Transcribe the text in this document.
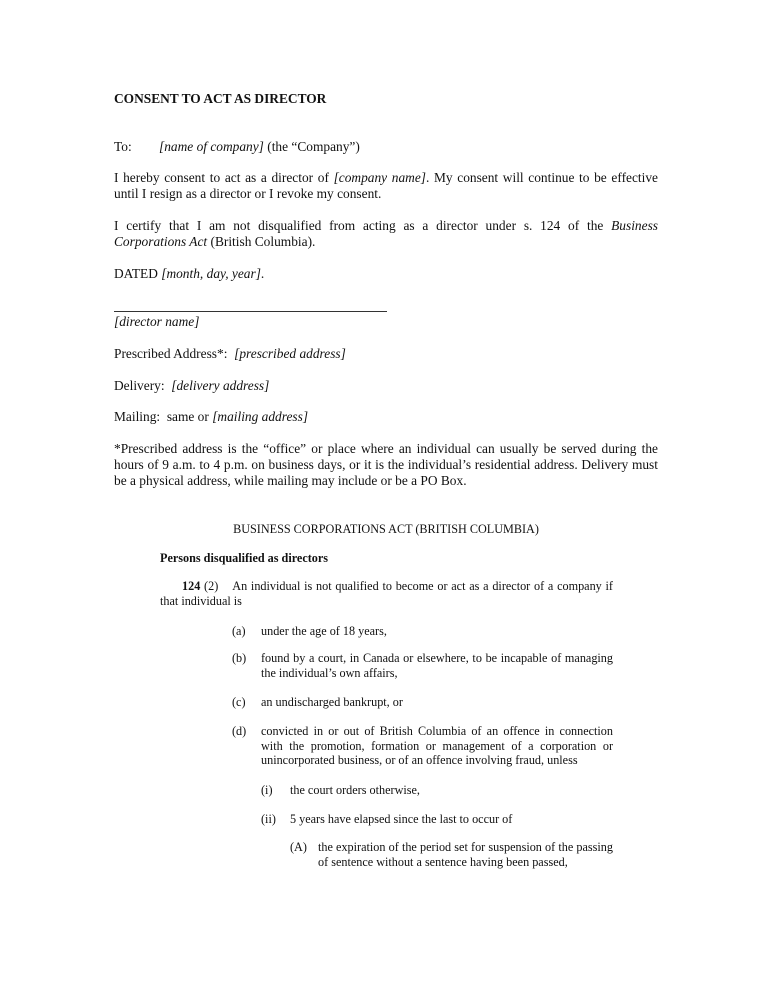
CONSENT TO ACT AS DIRECTOR
To: [name of company] (the “Company”)
I hereby consent to act as a director of [company name]. My consent will continue to be effective until I resign as a director or I revoke my consent.
I certify that I am not disqualified from acting as a director under s. 124 of the Business Corporations Act (British Columbia).
DATED [month, day, year].
[director name]
Prescribed Address*:  [prescribed address]
Delivery:  [delivery address]
Mailing:  same or [mailing address]
*Prescribed address is the “office” or place where an individual can usually be served during the hours of 9 a.m. to 4 p.m. on business days, or it is the individual’s residential address. Delivery must be a physical address, while mailing may include or be a PO Box.
BUSINESS CORPORATIONS ACT (BRITISH COLUMBIA)
Persons disqualified as directors
124 (2) An individual is not qualified to become or act as a director of a company if that individual is
(a) under the age of 18 years,
(b) found by a court, in Canada or elsewhere, to be incapable of managing the individual’s own affairs,
(c) an undischarged bankrupt, or
(d) convicted in or out of British Columbia of an offence in connection with the promotion, formation or management of a corporation or unincorporated business, or of an offence involving fraud, unless
(i) the court orders otherwise,
(ii) 5 years have elapsed since the last to occur of
(A) the expiration of the period set for suspension of the passing of sentence without a sentence having been passed,
